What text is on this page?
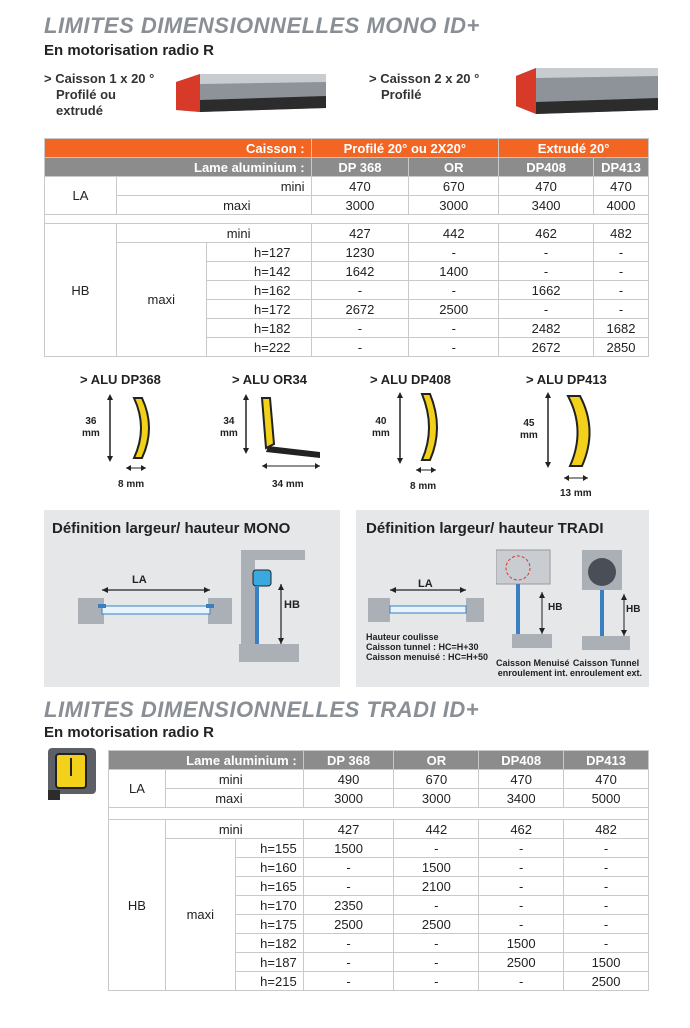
LIMITES DIMENSIONNELLES MONO ID+
En motorisation radio R
> Caisson 1 x 20 °
Profilé ou
extrudé
> Caisson 2 x 20 °
Profilé
Caisson :			Profilé 20° ou 2X20°		Extrudé 20°	
Lame aluminium :			DP 368	OR	DP408	DP413
LA	mini		470	670	470	470
	maxi		3000	3000	3400	4000

HB	mini		427	442	462	482
	maxi	h=127	1230	-	-	-
		h=142	1642	1400	-	-
		h=162	-	-	1662	-
		h=172	2672	2500	-	-
		h=182	-	-	2482	1682
		h=222	-	-	2672	2850
> ALU DP368
36
mm
8 mm
> ALU OR34
34
mm
34 mm
> ALU DP408
40
mm
8 mm
> ALU DP413
45
mm
13 mm
Définition largeur/ hauteur MONO
LA
HB
Définition largeur/ hauteur TRADI
LA
Hauteur coulisse
Caisson tunnel : HC=H+30
Caisson menuisé : HC=H+50
HB	HB
Caisson Menuisé
enroulement int.
Caisson Tunnel
enroulement ext.
LIMITES DIMENSIONNELLES TRADI ID+
En motorisation radio R
Lame aluminium :			DP 368	OR	DP408	DP413
LA	mini		490	670	470	470
	maxi		3000	3000	3400	5000

HB	mini		427	442	462	482
	maxi	h=155	1500	-	-	-
		h=160	-	1500	-	-
		h=165	-	2100	-	-
		h=170	2350	-	-	-
		h=175	2500	2500	-	-
		h=182	-	-	1500	-
		h=187	-	-	2500	1500
		h=215	-	-	-	2500
